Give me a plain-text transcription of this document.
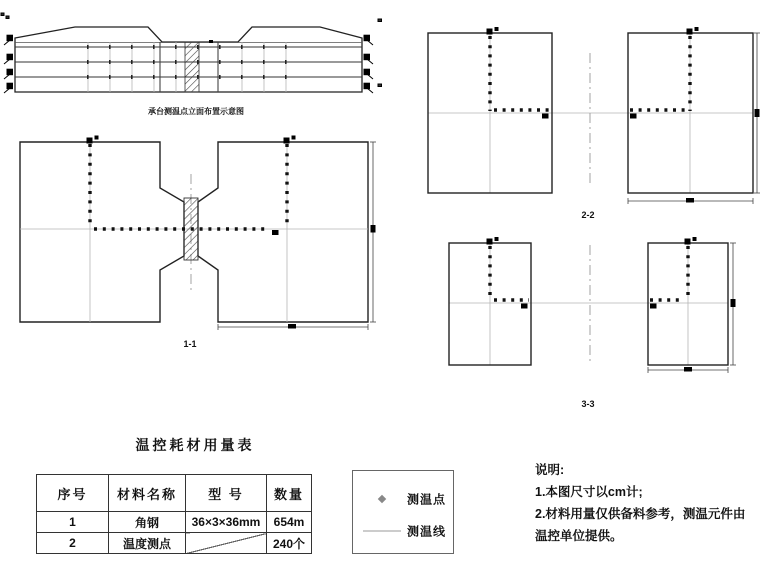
承台测温点立面布置示意图
1-1
2-2
3-3
温控耗材用量表
序号	材料名称	型 号	数量
1	角钢	36×3×36mm	654m
2	温度测点		240个
测温点
测温线
说明:
1.本图尺寸以cm计;
2.材料用量仅供备料参考，测温元件由
温控单位提供。
